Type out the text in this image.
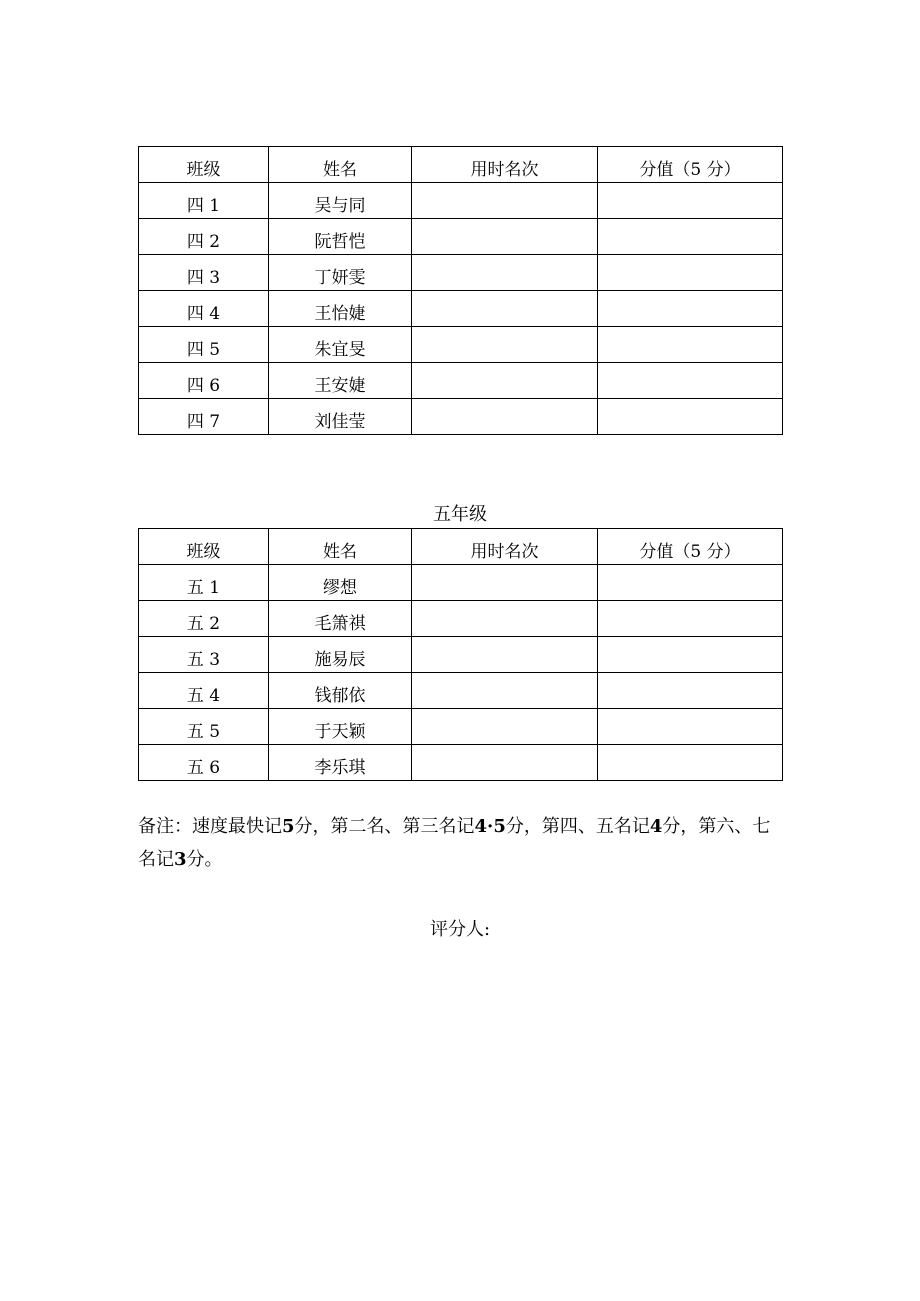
班级	姓名	用时名次	分值（5 分）
四 1	吴与同		
四 2	阮哲恺		
四 3	丁妍雯		
四 4	王怡婕		
四 5	朱宜旻		
四 6	王安婕		
四 7	刘佳莹		
五年级
班级	姓名	用时名次	分值（5 分）
五 1	缪想		
五 2	毛箫祺		
五 3	施易辰		
五 4	钱郁依		
五 5	于天颖		
五 6	李乐琪		

备注：速度最快记5分，第二名、第三名记4·5分，第四、五名记4分，第六、七名记3分。

评分人:
